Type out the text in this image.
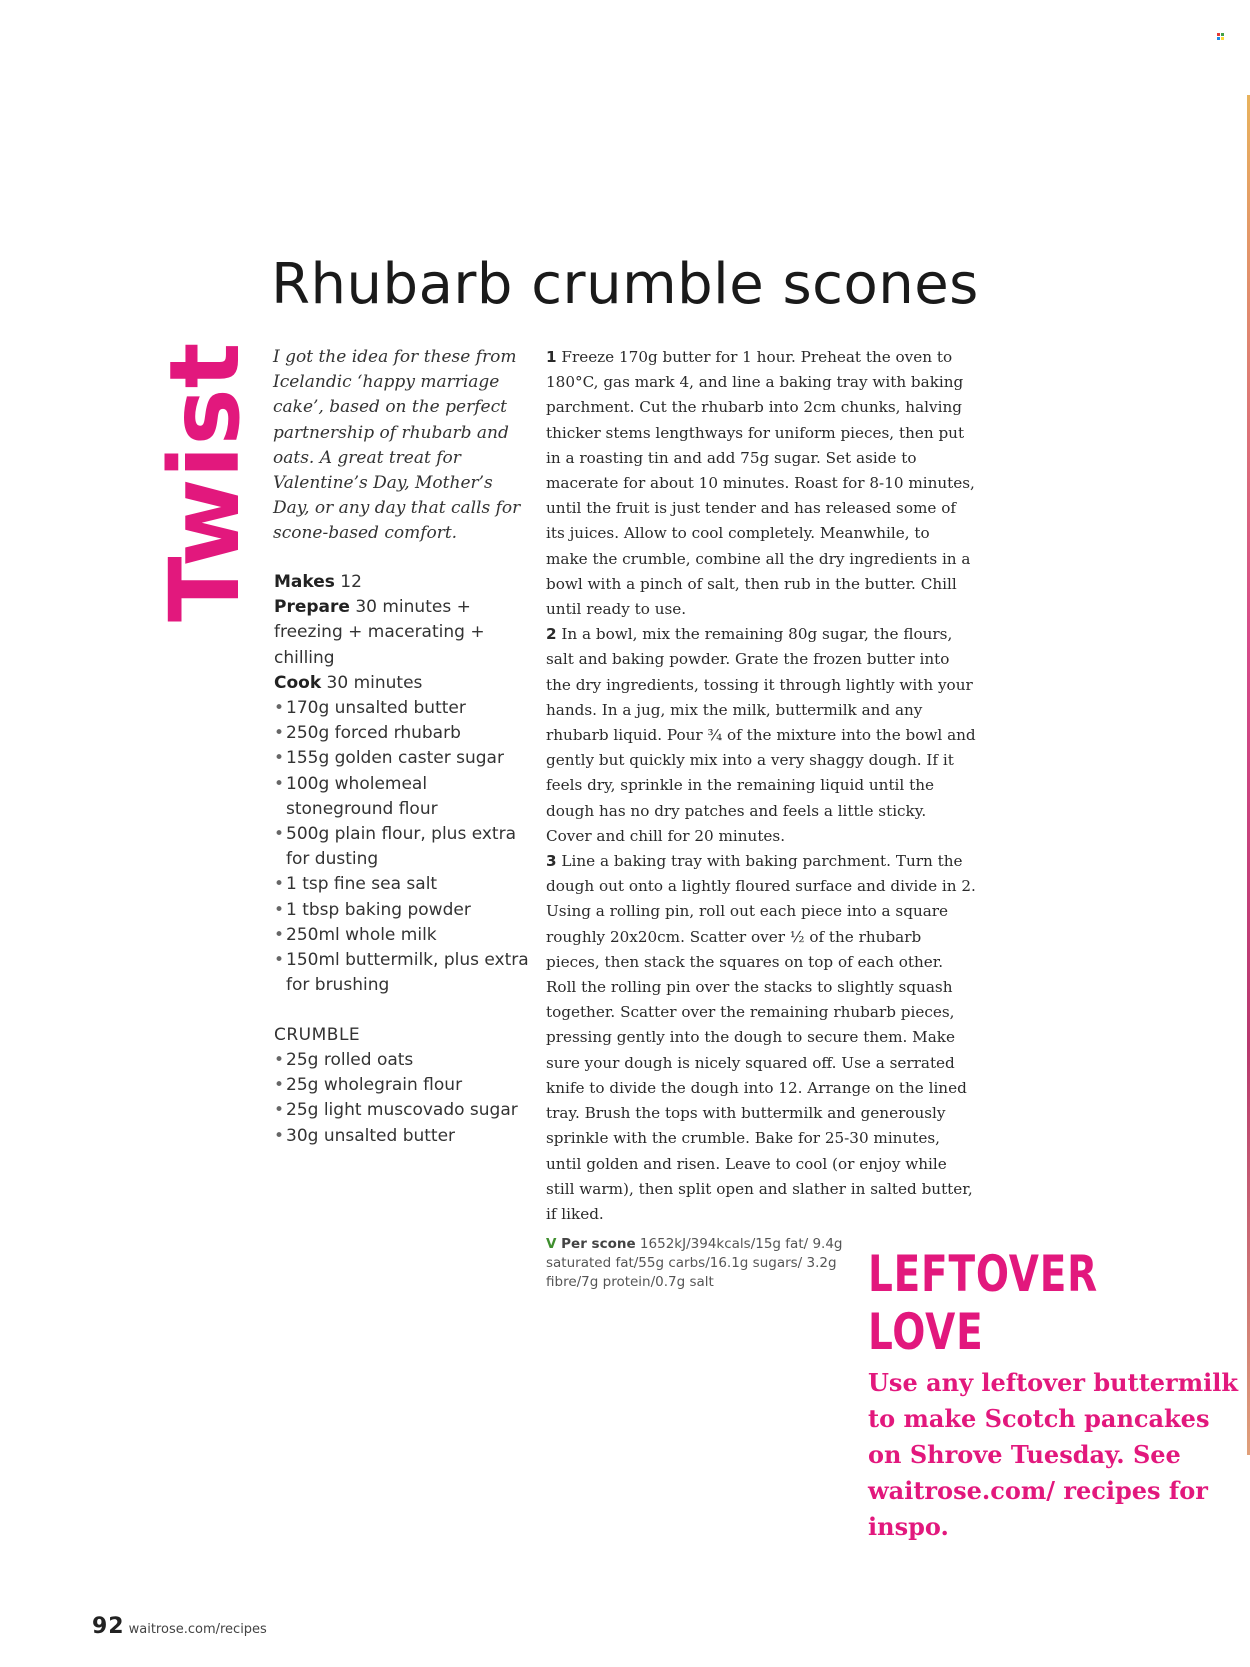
Rhubarb crumble scones
Twist I got the idea for these from Icelandic ‘happy marriage cake’, based on the perfect partnership of rhubarb and oats. A great treat for Valentine’s Day, Mother’s Day, or any day that calls for scone-based comfort.

Makes 12
Prepare 30 minutes + freezing + macerating + chilling
Cook 30 minutes
• 170g unsalted butter
• 250g forced rhubarb
• 155g golden caster sugar
• 100g wholemeal stoneground flour
• 500g plain flour, plus extra for dusting
• 1 tsp fine sea salt
• 1 tbsp baking powder
• 250ml whole milk
• 150ml buttermilk, plus extra for brushing

CRUMBLE

• 25g rolled oats
• 25g wholegrain flour
• 25g light muscovado sugar
• 30g unsalted butter

1 Freeze 170g butter for 1 hour. Preheat the oven to 180°C, gas mark 4, and line a baking tray with baking parchment. Cut the rhubarb into 2cm chunks, halving thicker stems lengthways for uniform pieces, then put in a roasting tin and add 75g sugar. Set aside to macerate for about 10 minutes. Roast for 8-10 minutes, until the fruit is just tender and has released some of its juices. Allow to cool completely. Meanwhile, to make the crumble, combine all the dry ingredients in a bowl with a pinch of salt, then rub in the butter. Chill until ready to use.

2 In a bowl, mix the remaining 80g sugar, the flours, salt and baking powder. Grate the frozen butter into the dry ingredients, tossing it through lightly with your hands. In a jug, mix the milk, buttermilk and any rhubarb liquid. Pour ¾ of the mixture into the bowl and gently but quickly mix into a very shaggy dough. If it feels dry, sprinkle in the remaining liquid until the dough has no dry patches and feels a little sticky. Cover and chill for 20 minutes.

3 Line a baking tray with baking parchment. Turn the dough out onto a lightly floured surface and divide in 2. Using a rolling pin, roll out each piece into a square roughly 20x20cm. Scatter over ½ of the rhubarb pieces, then stack the squares on top of each other. Roll the rolling pin over the stacks to slightly squash together. Scatter over the remaining rhubarb pieces, pressing gently into the dough to secure them. Make sure your dough is nicely squared off. Use a serrated knife to divide the dough into 12. Arrange on the lined tray. Brush the tops with buttermilk and generously sprinkle with the crumble. Bake for 25-30 minutes, until golden and risen. Leave to cool (or enjoy while still warm), then split open and slather in salted butter, if liked.

V Per scone 1652kJ/394kcals/15g fat/ 9.4g saturated fat/55g carbs/16.1g sugars/ 3.2g fibre/7g protein/0.7g salt	LEFTOVER
LOVE

Use any leftover buttermilk to make Scotch pancakes on Shrove Tuesday. See waitrose.com/ recipes for inspo.

92 waitrose.com/recipes
